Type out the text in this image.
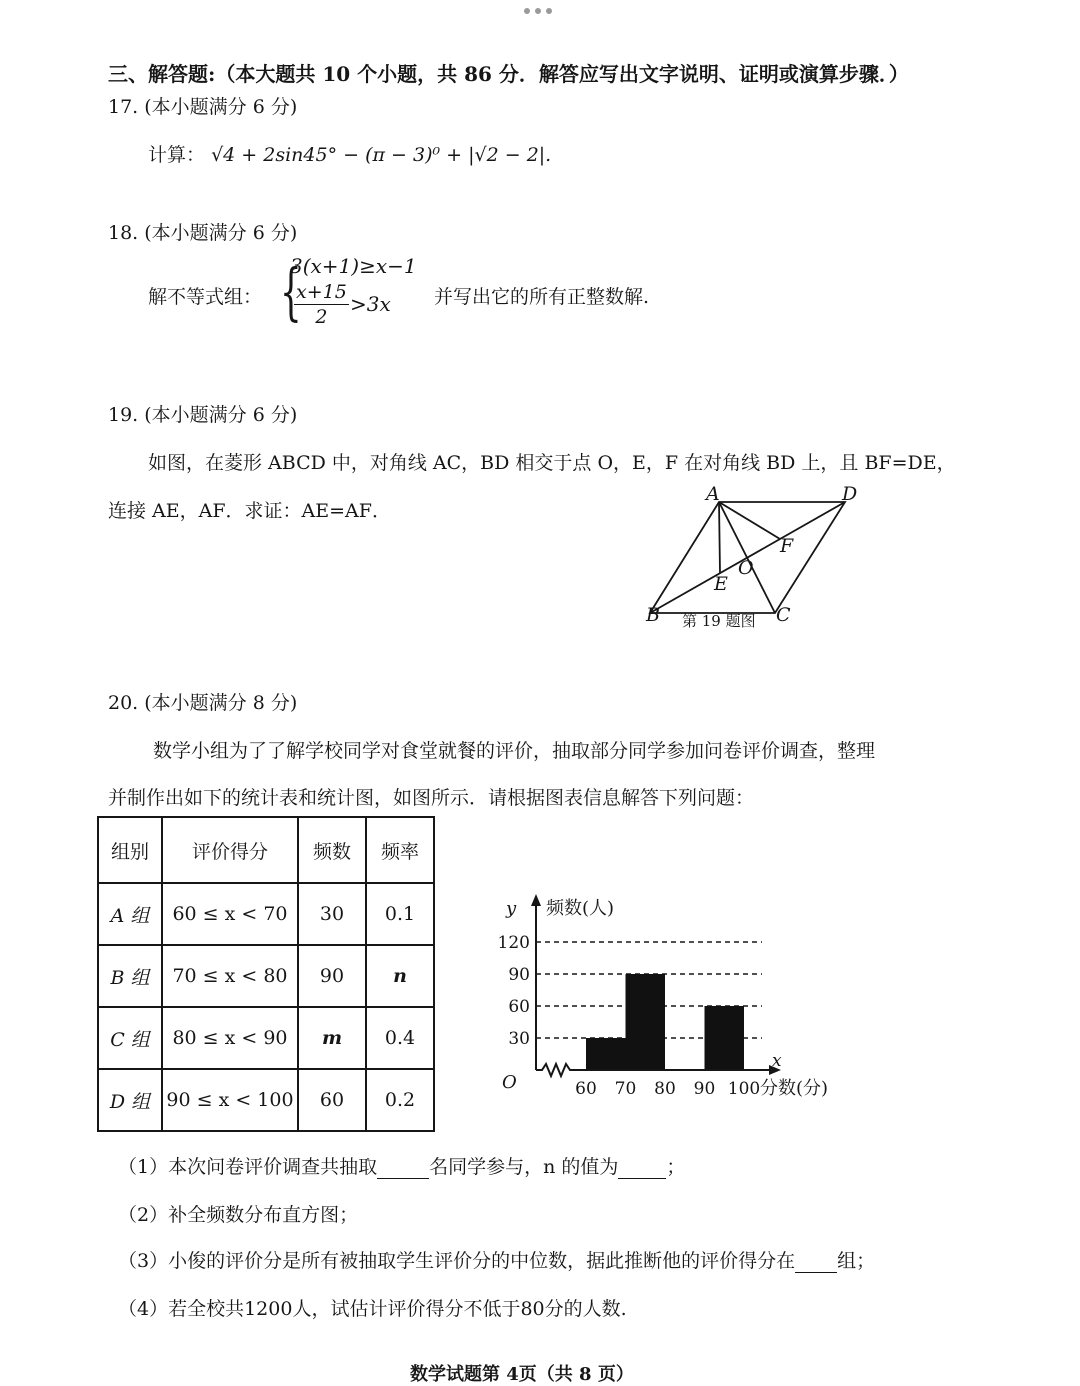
三、解答题:（本大题共 10 个小题，共 86 分．解答应写出文字说明、证明或演算步骤．）
17. (本小题满分 6 分)
计算： √4 + 2sin45° − (π − 3)⁰ + |√2 − 2|.
18. (本小题满分 6 分)
解不等式组： {
3(x+1)≥x−1
$\frac{x+15}{2} >3x$ 并写出它的所有正整数解.
19. (本小题满分 6 分)
如图，在菱形 ABCD 中，对角线 AC，BD 相交于点 O，E，F 在对角线 BD 上，且 BF=DE，
连接 AE，AF．求证：AE=AF．
A	D
B	C
E
F
O
第 19 题图
20. (本小题满分 8 分)
数学小组为了了解学校同学对食堂就餐的评价，抽取部分同学参加问卷评价调查，整理
并制作出如下的统计表和统计图，如图所示．请根据图表信息解答下列问题：
组别	评价得分	频数	频率
A 组	60 ≤ x < 70	30	0.1
B 组	70 ≤ x < 80	90	n
C 组	80 ≤ x < 90	m	0.4
D 组	90 ≤ x < 100	60	0.2
30
60
90
120
60 70 80 90 100
y 频数(人)
x
分数(分)
O
（1）本次问卷评价调查共抽取	名同学参与，n 的值为	；
（2）补全频数分布直方图；
（3）小俊的评价分是所有被抽取学生评价分的中位数，据此推断他的评价得分在 组；
（4）若全校共1200人，试估计评价得分不低于80分的人数.
数学试题第 4页（共 8 页）
